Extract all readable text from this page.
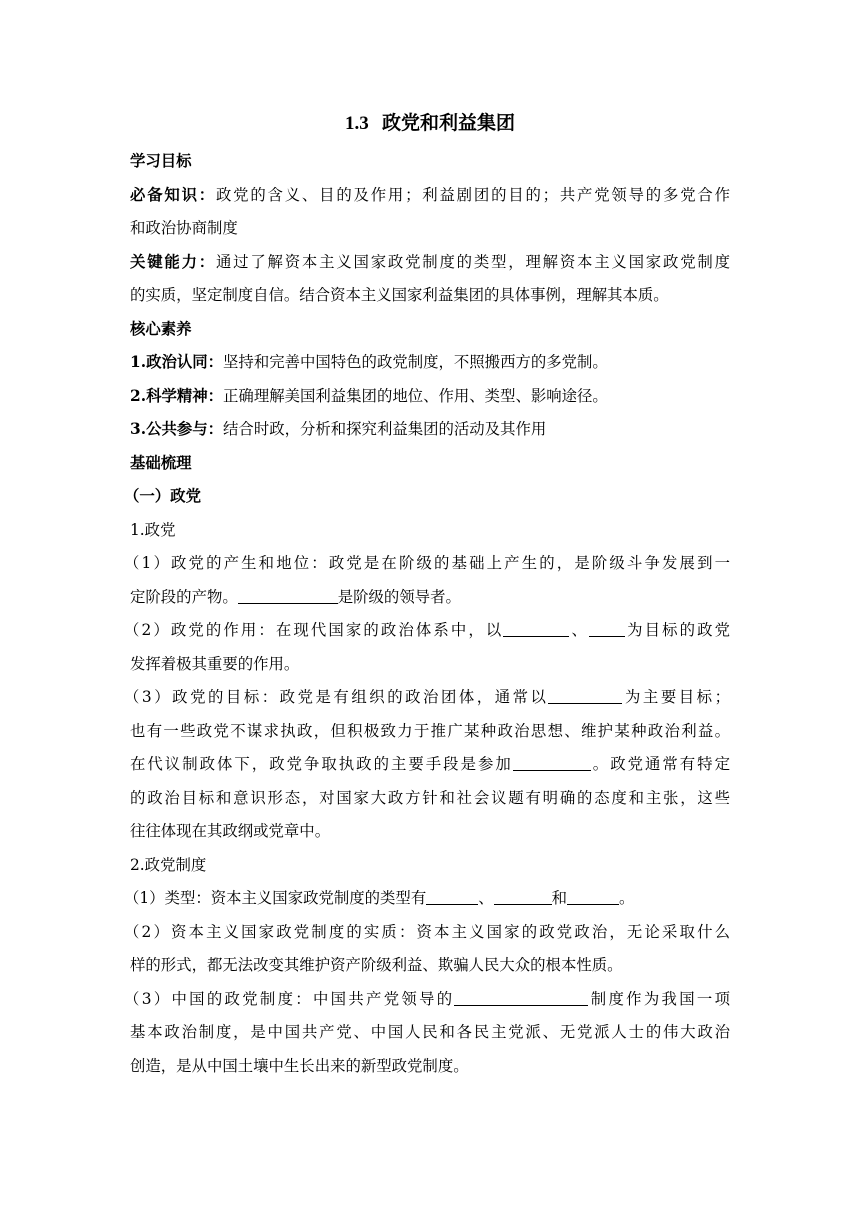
1.3 政党和利益集团
学习目标
必备知识：政党的含义、目的及作用；利益剧团的目的；共产党领导的多党合作
和政治协商制度
关键能力：通过了解资本主义国家政党制度的类型，理解资本主义国家政党制度
的实质，坚定制度自信。结合资本主义国家利益集团的具体事例，理解其本质。
核心素养
1.政治认同：坚持和完善中国特色的政党制度，不照搬西方的多党制。
2.科学精神：正确理解美国利益集团的地位、作用、类型、影响途径。
3.公共参与：结合时政，分析和探究利益集团的活动及其作用
基础梳理
（一）政党
1.政党
（1）政党的产生和地位：政党是在阶级的基础上产生的，是阶级斗争发展到一
定阶段的产物。	是阶级的领导者。
（2）政党的作用：在现代国家的政治体系中，以	、 为目标的政党
发挥着极其重要的作用。
（3）政党的目标：政党是有组织的政治团体，通常以	为主要目标；
也有一些政党不谋求执政，但积极致力于推广某种政治思想、维护某种政治利益。
在代议制政体下，政党争取执政的主要手段是参加	。政党通常有特定
的政治目标和意识形态，对国家大政方针和社会议题有明确的态度和主张，这些
往往体现在其政纲或党章中。
2.政党制度
（1）类型：资本主义国家政党制度的类型有	、	和	。
（2）资本主义国家政党制度的实质：资本主义国家的政党政治，无论采取什么
样的形式，都无法改变其维护资产阶级利益、欺骗人民大众的根本性质。
（3）中国的政党制度：中国共产党领导的	制度作为我国一项
基本政治制度，是中国共产党、中国人民和各民主党派、无党派人士的伟大政治
创造，是从中国土壤中生长出来的新型政党制度。
